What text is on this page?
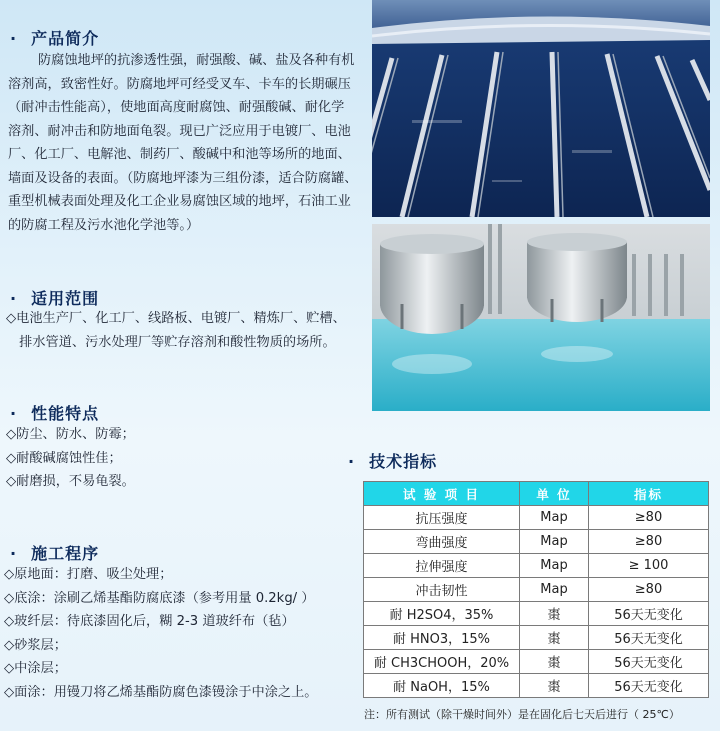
· 产品简介
防腐蚀地坪的抗渗透性强，耐强酸、碱、盐及各种有机
溶剂高，致密性好。防腐地坪可经受叉车、卡车的长期碾压
（耐冲击性能高），使地面高度耐腐蚀、耐强酸碱、耐化学
溶剂、耐冲击和防地面龟裂。现已广泛应用于电镀厂、电池
厂、化工厂、电解池、制药厂、酸碱中和池等场所的地面、
墙面及设备的表面。（防腐地坪漆为三组份漆，适合防腐罐、
重型机械表面处理及化工企业易腐蚀区域的地坪，石油工业
的防腐工程及污水池化学池等。）
· 适用范围
◇电池生产厂、化工厂、线路板、电镀厂、精炼厂、贮槽、
　排水管道、污水处理厂等贮存溶剂和酸性物质的场所。
· 性能特点
◇防尘、防水、防霉；
◇耐酸碱腐蚀性佳；
◇耐磨损，不易龟裂。
· 施工程序
◇原地面：打磨、吸尘处理；
◇底涂：涂刷乙烯基酯防腐底漆（参考用量 0.2kg/ ）
◇玻纤层：待底漆固化后，糊 2-3 道玻纤布（毡）
◇砂浆层；
◇中涂层；
◇面涂：用镘刀将乙烯基酯防腐色漆镘涂于中涂之上。
· 技术指标
试 验 项 目	单 位	指标
抗压强度	Map	≥80
弯曲强度	Map	≥80
拉伸强度	Map	≥ 100
冲击韧性	Map	≥80
耐 H2SO4，35%	棗	56天无变化
耐 HNO3，15%	棗	56天无变化
耐 CH3CHOOH，20%	棗	56天无变化
耐 NaOH，15%	棗	56天无变化
注：所有测试（除干燥时间外）是在固化后七天后进行（ 25℃）
